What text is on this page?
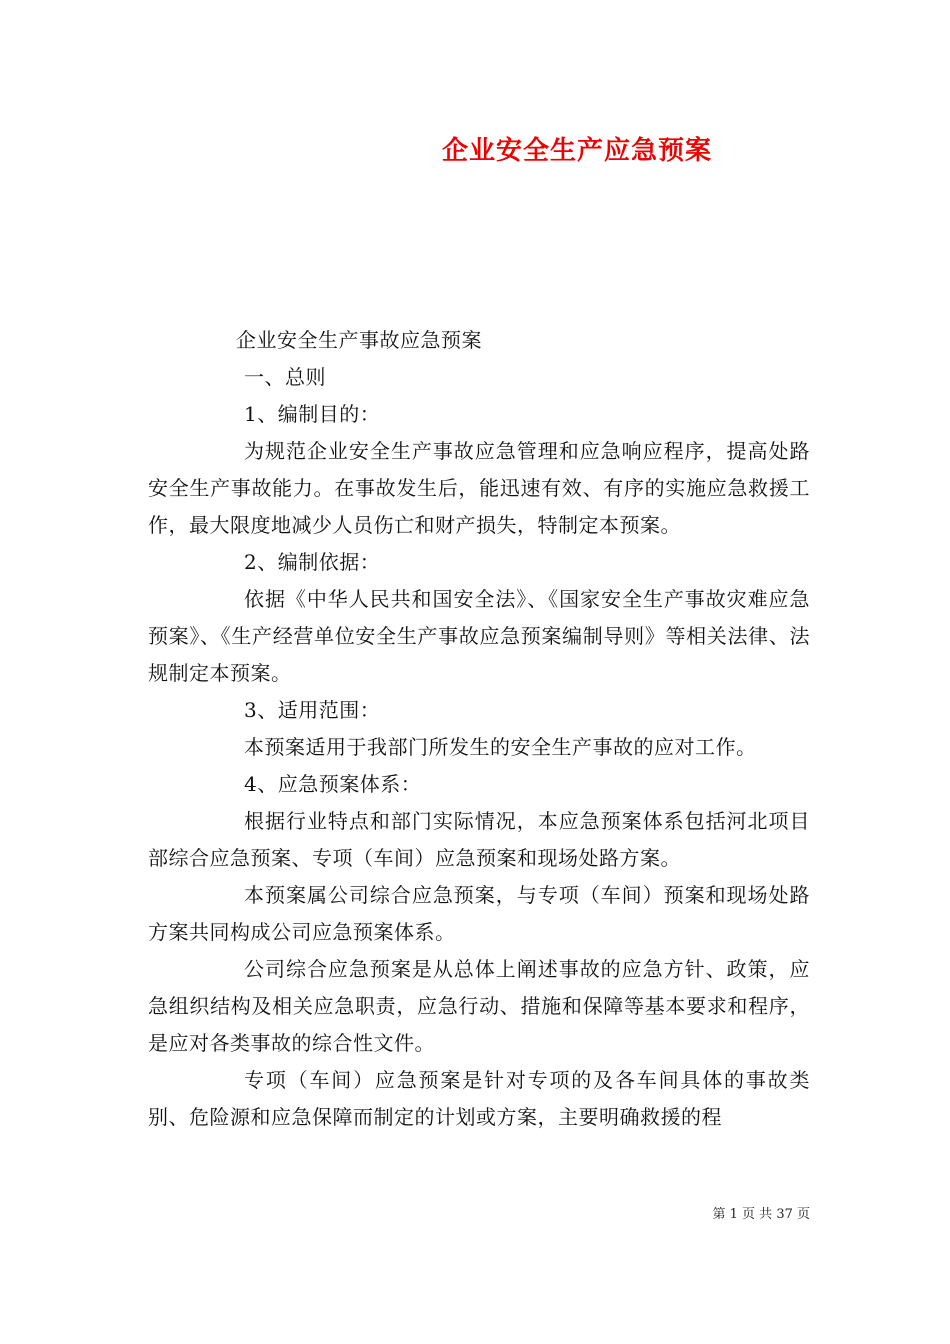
企业安全生产应急预案

企业安全生产事故应急预案

一、总则

1、编制目的：

为规范企业安全生产事故应急管理和应急响应程序，提高处路安全生产事故能力。在事故发生后，能迅速有效、有序的实施应急救援工作，最大限度地减少人员伤亡和财产损失，特制定本预案。

2、编制依据：

依据《中华人民共和国安全法》、《国家安全生产事故灾难应急预案》、《生产经营单位安全生产事故应急预案编制导则》等相关法律、法规制定本预案。

3、适用范围：

本预案适用于我部门所发生的安全生产事故的应对工作。

4、应急预案体系：

根据行业特点和部门实际情况，本应急预案体系包括河北项目部综合应急预案、专项（车间）应急预案和现场处路方案。

本预案属公司综合应急预案，与专项（车间）预案和现场处路方案共同构成公司应急预案体系。

公司综合应急预案是从总体上阐述事故的应急方针、政策，应急组织结构及相关应急职责，应急行动、措施和保障等基本要求和程序，是应对各类事故的综合性文件。

专项（车间）应急预案是针对专项的及各车间具体的事故类别、危险源和应急保障而制定的计划或方案，主要明确救援的程

第 1 页 共 37 页
